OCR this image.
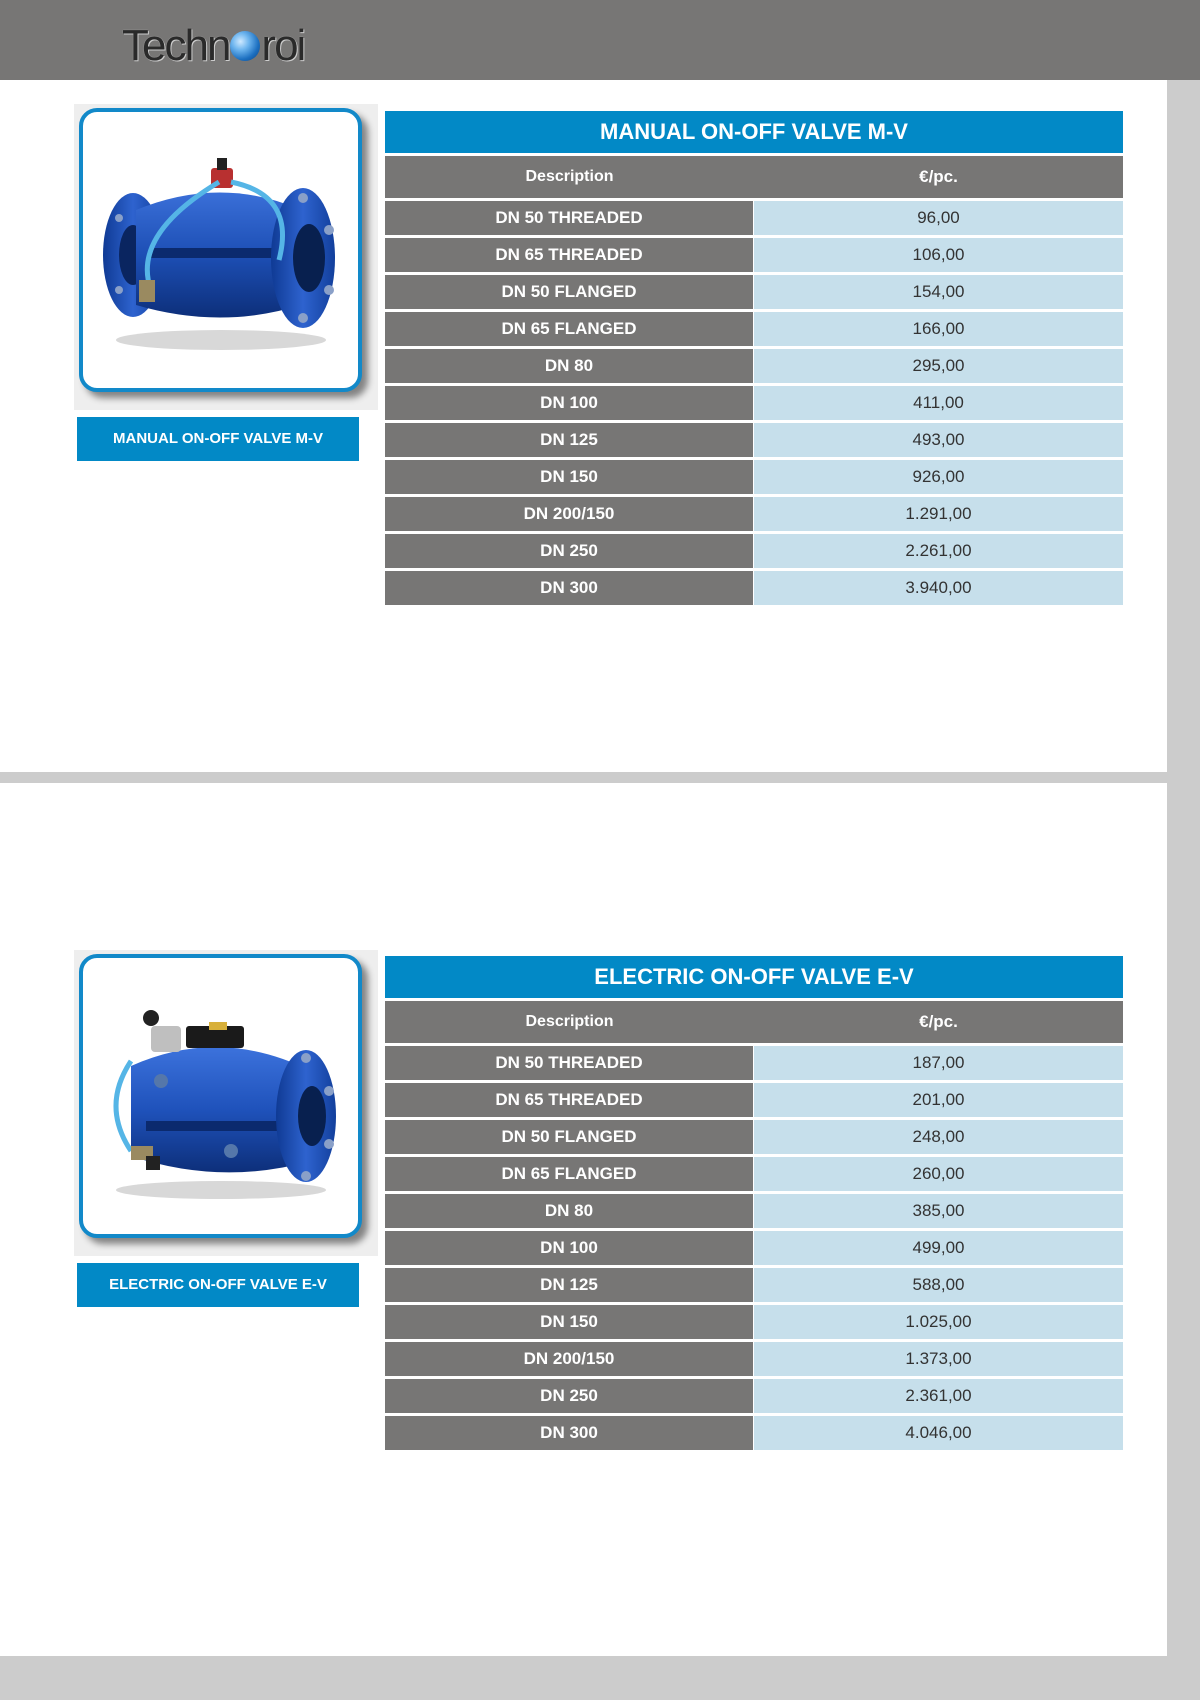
Techn roi
MANUAL ON-OFF VALVE M-V
MANUAL ON-OFF VALVE M-V
Description	€/pc.
DN 50 THREADED	96,00
DN 65 THREADED	106,00
DN 50 FLANGED	154,00
DN 65 FLANGED	166,00
DN 80	295,00
DN 100	411,00
DN 125	493,00
DN 150	926,00
DN 200/150	1.291,00
DN 250	2.261,00
DN 300	3.940,00
ELECTRIC ON-OFF VALVE E-V
ELECTRIC ON-OFF VALVE E-V
Description	€/pc.
DN 50 THREADED	187,00
DN 65 THREADED	201,00
DN 50 FLANGED	248,00
DN 65 FLANGED	260,00
DN 80	385,00
DN 100	499,00
DN 125	588,00
DN 150	1.025,00
DN 200/150	1.373,00
DN 250	2.361,00
DN 300	4.046,00
